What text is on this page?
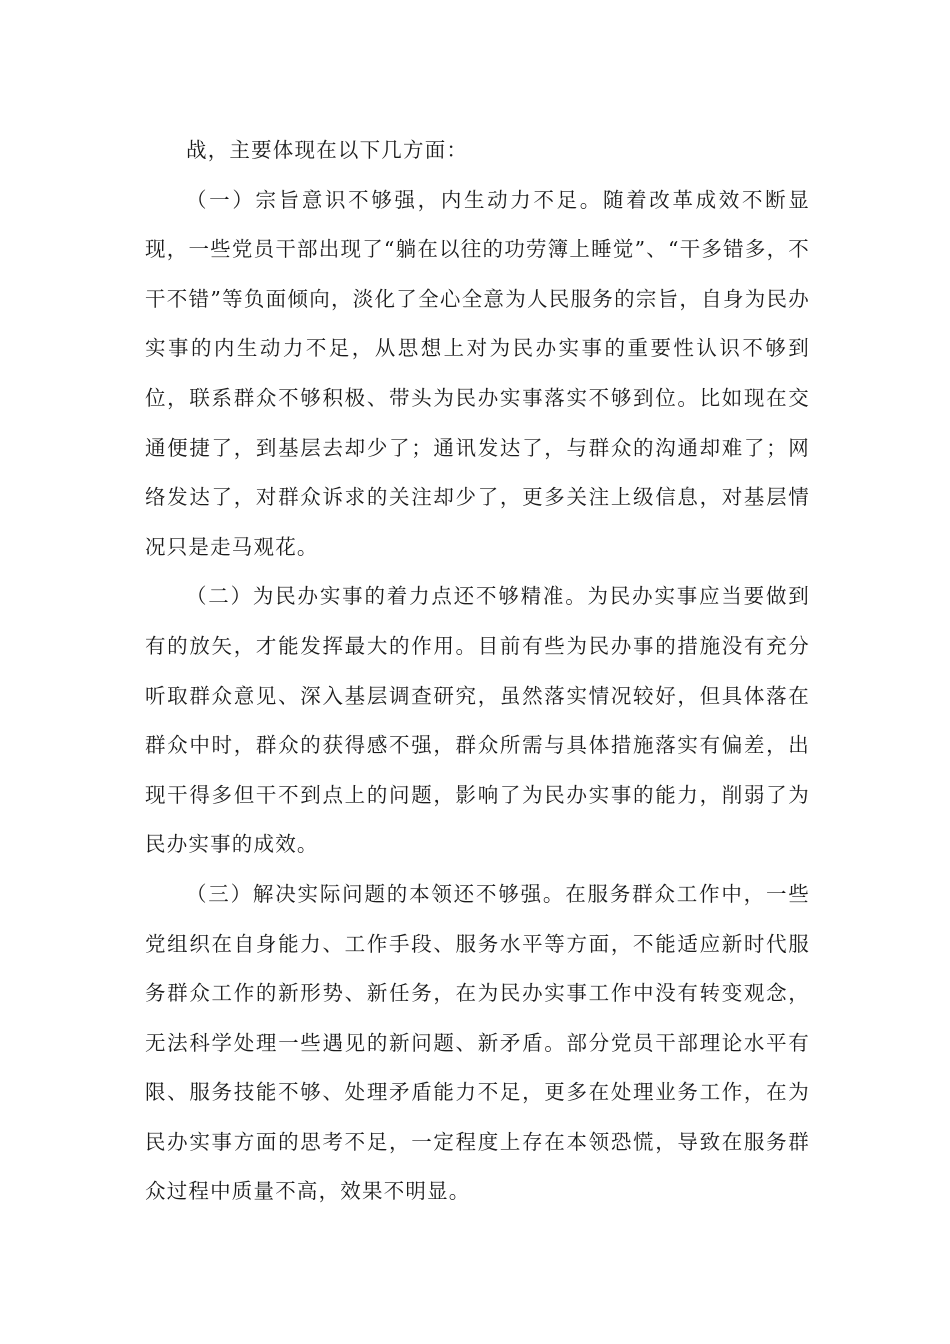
战，主要体现在以下几方面：

（一）宗旨意识不够强，内生动力不足。随着改革成效不断显现，一些党员干部出现了“躺在以往的功劳簿上睡觉”、“干多错多，不干不错”等负面倾向，淡化了全心全意为人民服务的宗旨，自身为民办实事的内生动力不足，从思想上对为民办实事的重要性认识不够到位，联系群众不够积极、带头为民办实事落实不够到位。比如现在交通便捷了，到基层去却少了；通讯发达了，与群众的沟通却难了；网络发达了，对群众诉求的关注却少了，更多关注上级信息，对基层情况只是走马观花。

（二）为民办实事的着力点还不够精准。为民办实事应当要做到有的放矢，才能发挥最大的作用。目前有些为民办事的措施没有充分听取群众意见、深入基层调查研究，虽然落实情况较好，但具体落在群众中时，群众的获得感不强，群众所需与具体措施落实有偏差，出现干得多但干不到点上的问题，影响了为民办实事的能力，削弱了为民办实事的成效。

（三）解决实际问题的本领还不够强。在服务群众工作中，一些党组织在自身能力、工作手段、服务水平等方面，不能适应新时代服务群众工作的新形势、新任务，在为民办实事工作中没有转变观念，无法科学处理一些遇见的新问题、新矛盾。部分党员干部理论水平有限、服务技能不够、处理矛盾能力不足，更多在处理业务工作，在为民办实事方面的思考不足，一定程度上存在本领恐慌，导致在服务群众过程中质量不高，效果不明显。
